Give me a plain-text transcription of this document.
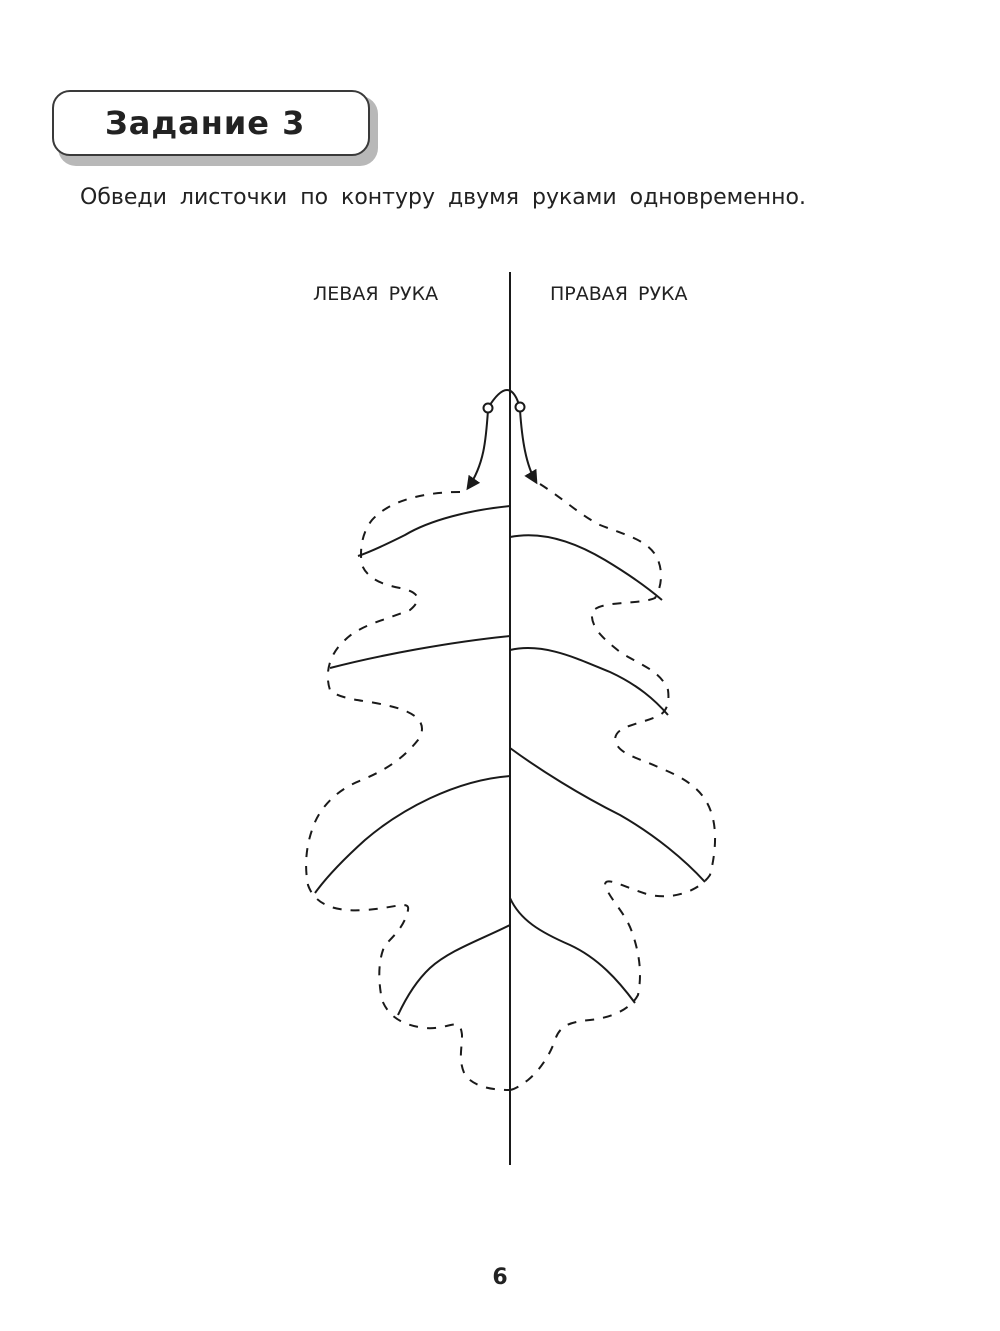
Задание 3
Обведи листочки по контуру двумя руками одновременно.
ЛЕВАЯ РУКА	ПРАВАЯ РУКА
6
